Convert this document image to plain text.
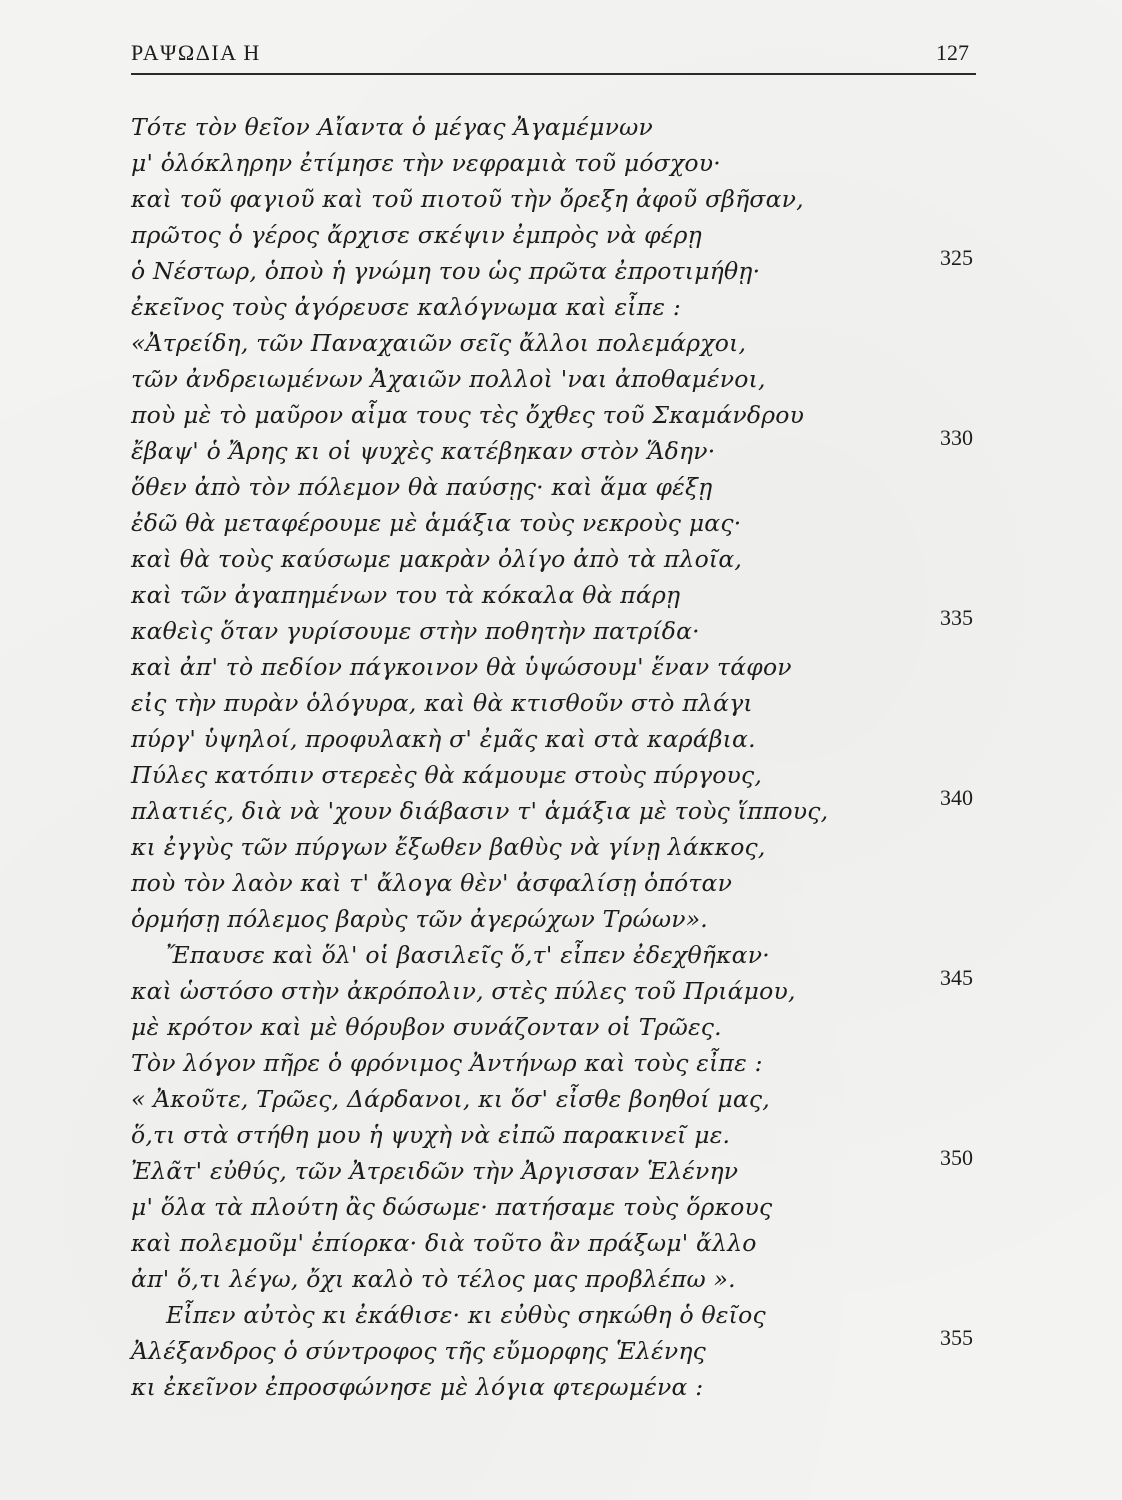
ΡΑΨΩΔΙΑ Η	127
Τότε τὸν θεῖον Αἴαντα ὁ μέγας Ἀγαμέμνων
μ' ὁλόκληρην ἐτίμησε τὴν νεφραμιὰ τοῦ μόσχου·
καὶ τοῦ φαγιοῦ καὶ τοῦ πιοτοῦ τὴν ὄρεξη ἀφοῦ σβῆσαν,
πρῶτος ὁ γέρος ἄρχισε σκέψιν ἐμπρὸς νὰ φέρῃ
ὁ Νέστωρ, ὁποὺ ἡ γνώμη του ὡς πρῶτα ἐπροτιμήθῃ·
ἐκεῖνος τοὺς ἀγόρευσε καλόγνωμα καὶ εἶπε :
«Ἀτρείδη, τῶν Παναχαιῶν σεῖς ἄλλοι πολεμάρχοι,
τῶν ἀνδρειωμένων Ἀχαιῶν πολλοὶ 'ναι ἀποθαμένοι,
ποὺ μὲ τὸ μαῦρον αἷμα τους τὲς ὄχθες τοῦ Σκαμάνδρου
ἔβαψ' ὁ Ἄρης κι οἱ ψυχὲς κατέβηκαν στὸν Ἅδην·
ὅθεν ἀπὸ τὸν πόλεμον θὰ παύσῃς· καὶ ἅμα φέξῃ
ἐδῶ θὰ μεταφέρουμε μὲ ἁμάξια τοὺς νεκροὺς μας·
καὶ θὰ τοὺς καύσωμε μακρὰν ὀλίγο ἀπὸ τὰ πλοῖα,
καὶ τῶν ἀγαπημένων του τὰ κόκαλα θὰ πάρῃ
καθεὶς ὅταν γυρίσουμε στὴν ποθητὴν πατρίδα·
καὶ ἀπ' τὸ πεδίον πάγκοινον θὰ ὑψώσουμ' ἕναν τάφον
εἰς τὴν πυρὰν ὁλόγυρα, καὶ θὰ κτισθοῦν στὸ πλάγι
πύργ' ὑψηλοί, προφυλακὴ σ' ἐμᾶς καὶ στὰ καράβια.
Πύλες κατόπιν στερεὲς θὰ κάμουμε στοὺς πύργους,
πλατιές, διὰ νὰ 'χουν διάβασιν τ' ἁμάξια μὲ τοὺς ἵππους,
κι ἐγγὺς τῶν πύργων ἔξωθεν βαθὺς νὰ γίνῃ λάκκος,
ποὺ τὸν λαὸν καὶ τ' ἄλογα θὲν' ἀσφαλίσῃ ὁπόταν
ὁρμήσῃ πόλεμος βαρὺς τῶν ἀγερώχων Τρώων».
Ἔπαυσε καὶ ὅλ' οἱ βασιλεῖς ὅ,τ' εἶπεν ἐδεχθῆκαν·
καὶ ὡστόσο στὴν ἀκρόπολιν, στὲς πύλες τοῦ Πριάμου,
μὲ κρότον καὶ μὲ θόρυβον συνάζονταν οἱ Τρῶες.
Τὸν λόγον πῆρε ὁ φρόνιμος Ἀντήνωρ καὶ τοὺς εἶπε :
« Ἀκοῦτε, Τρῶες, Δάρδανοι, κι ὅσ' εἶσθε βοηθοί μας,
ὅ,τι στὰ στήθη μου ἡ ψυχὴ νὰ εἰπῶ παρακινεῖ με.
Ἐλᾶτ' εὐθύς, τῶν Ἀτρειδῶν τὴν Ἀργισσαν Ἑλένην
μ' ὅλα τὰ πλούτη ἂς δώσωμε· πατήσαμε τοὺς ὅρκους
καὶ πολεμοῦμ' ἐπίορκα· διὰ τοῦτο ἂν πράξωμ' ἄλλο
ἀπ' ὅ,τι λέγω, ὄχι καλὸ τὸ τέλος μας προβλέπω ».
Εἶπεν αὐτὸς κι ἐκάθισε· κι εὐθὺς σηκώθη ὁ θεῖος
Ἀλέξανδρος ὁ σύντροφος τῆς εὔμορφης Ἑλένης
κι ἐκεῖνον ἐπροσφώνησε μὲ λόγια φτερωμένα :
325
330
335
340
345
350
355
